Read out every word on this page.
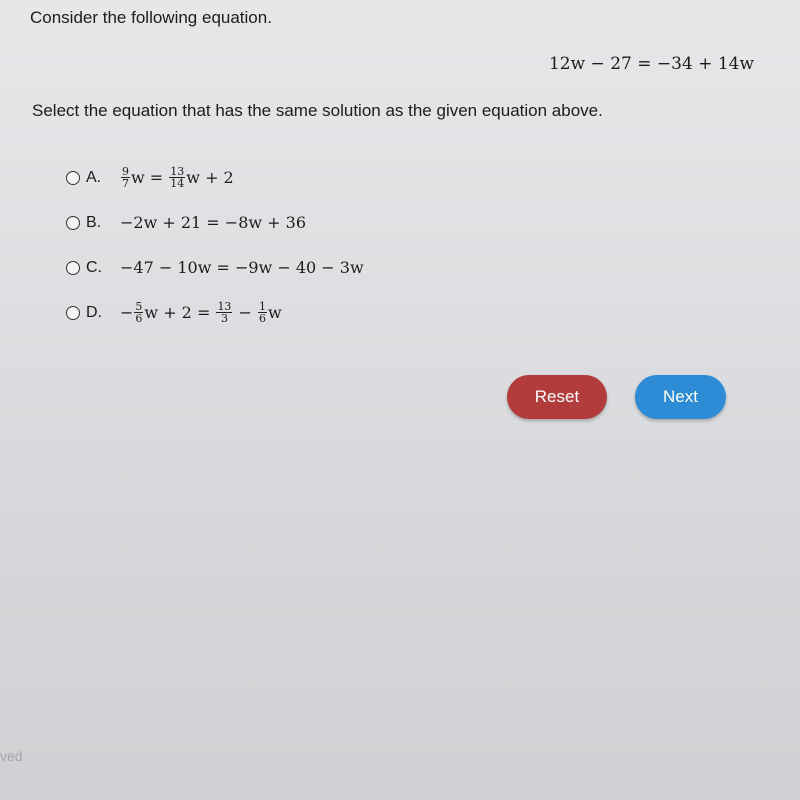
Consider the following equation.
12w − 27 = −34 + 14w

Select the equation that has the same solution as the given equation above.

A.	$\frac{9}{7}$ $w = \frac{13}{14}$ w + 2
B.	−2w + 21 = −8w + 36
C.	−47 − 10w = −9w − 40 − 3w
D.	− $\frac{5}{6}$ $w + 2 = \frac{13}{3} - \frac{1}{6}$ w
Reset	Next
ved
